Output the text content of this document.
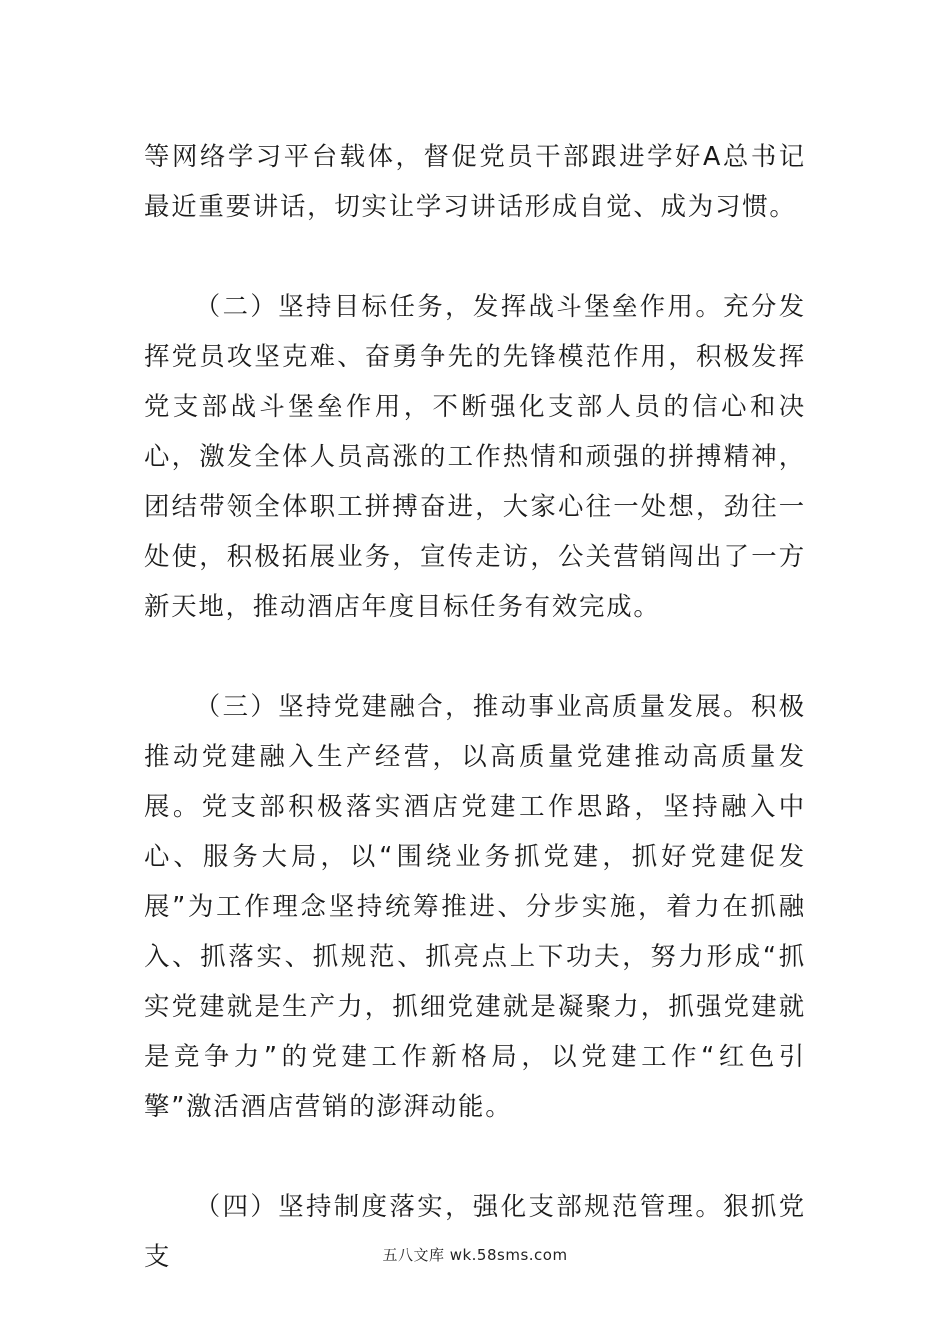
等网络学习平台载体，督促党员干部跟进学好A总书记最近重要讲话，切实让学习讲话形成自觉、成为习惯。

（二）坚持目标任务，发挥战斗堡垒作用。充分发挥党员攻坚克难、奋勇争先的先锋模范作用，积极发挥党支部战斗堡垒作用，不断强化支部人员的信心和决心，激发全体人员高涨的工作热情和顽强的拼搏精神，团结带领全体职工拼搏奋进，大家心往一处想，劲往一处使，积极拓展业务，宣传走访，公关营销闯出了一方新天地，推动酒店年度目标任务有效完成。

（三）坚持党建融合，推动事业高质量发展。积极推动党建融入生产经营，以高质量党建推动高质量发展。党支部积极落实酒店党建工作思路，坚持融入中心、服务大局，以“围绕业务抓党建，抓好党建促发展”为工作理念坚持统筹推进、分步实施，着力在抓融入、抓落实、抓规范、抓亮点上下功夫，努力形成“抓实党建就是生产力，抓细党建就是凝聚力，抓强党建就是竞争力”的党建工作新格局，以党建工作“红色引擎”激活酒店营销的澎湃动能。

（四）坚持制度落实，强化支部规范管理。狠抓党支	五八文库 wk.58sms.com
